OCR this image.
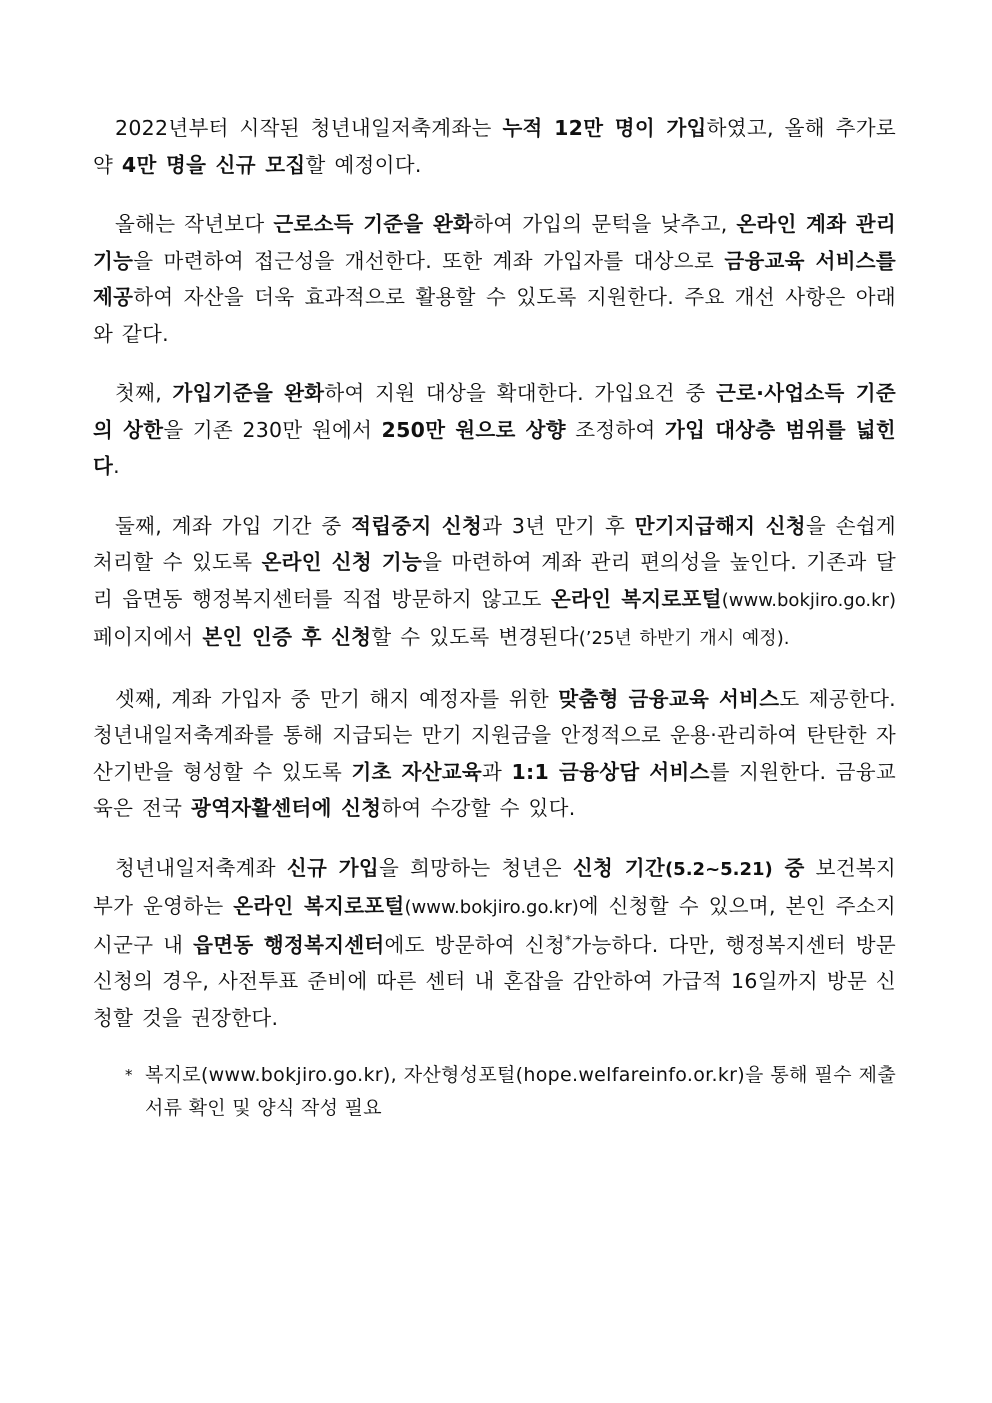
2022년부터 시작된 청년내일저축계좌는 누적 12만 명이 가입하였고, 올해 추가로 약 4만 명을 신규 모집할 예정이다.

올해는 작년보다 근로소득 기준을 완화하여 가입의 문턱을 낮추고, 온라인 계좌 관리 기능을 마련하여 접근성을 개선한다. 또한 계좌 가입자를 대상으로 금융교육 서비스를 제공하여 자산을 더욱 효과적으로 활용할 수 있도록 지원한다. 주요 개선 사항은 아래와 같다.

첫째, 가입기준을 완화하여 지원 대상을 확대한다. 가입요건 중 근로·사업소득 기준의 상한을 기존 230만 원에서 250만 원으로 상향 조정하여 가입 대상층 범위를 넓힌다.

둘째, 계좌 가입 기간 중 적립중지 신청과 3년 만기 후 만기지급해지 신청을 손쉽게 처리할 수 있도록 온라인 신청 기능을 마련하여 계좌 관리 편의성을 높인다. 기존과 달리 읍면동 행정복지센터를 직접 방문하지 않고도 온라인 복지로포털(www.bokjiro.go.kr) 페이지에서 본인 인증 후 신청할 수 있도록 변경된다(’25년 하반기 개시 예정).

셋째, 계좌 가입자 중 만기 해지 예정자를 위한 맞춤형 금융교육 서비스도 제공한다. 청년내일저축계좌를 통해 지급되는 만기 지원금을 안정적으로 운용·관리하여 탄탄한 자산기반을 형성할 수 있도록 기초 자산교육과 1:1 금융상담 서비스를 지원한다. 금융교육은 전국 광역자활센터에 신청하여 수강할 수 있다.

청년내일저축계좌 신규 가입을 희망하는 청년은 신청 기간(5.2~5.21) 중 보건복지부가 운영하는 온라인 복지로포털(www.bokjiro.go.kr)에 신청할 수 있으며, 본인 주소지 시군구 내 읍면동 행정복지센터에도 방문하여 신청*가능하다. 다만, 행정복지센터 방문 신청의 경우, 사전투표 준비에 따른 센터 내 혼잡을 감안하여 가급적 16일까지 방문 신청할 것을 권장한다.

* 복지로(www.bokjiro.go.kr), 자산형성포털(hope.welfareinfo.or.kr)을 통해 필수 제출서류 확인 및 양식 작성 필요
